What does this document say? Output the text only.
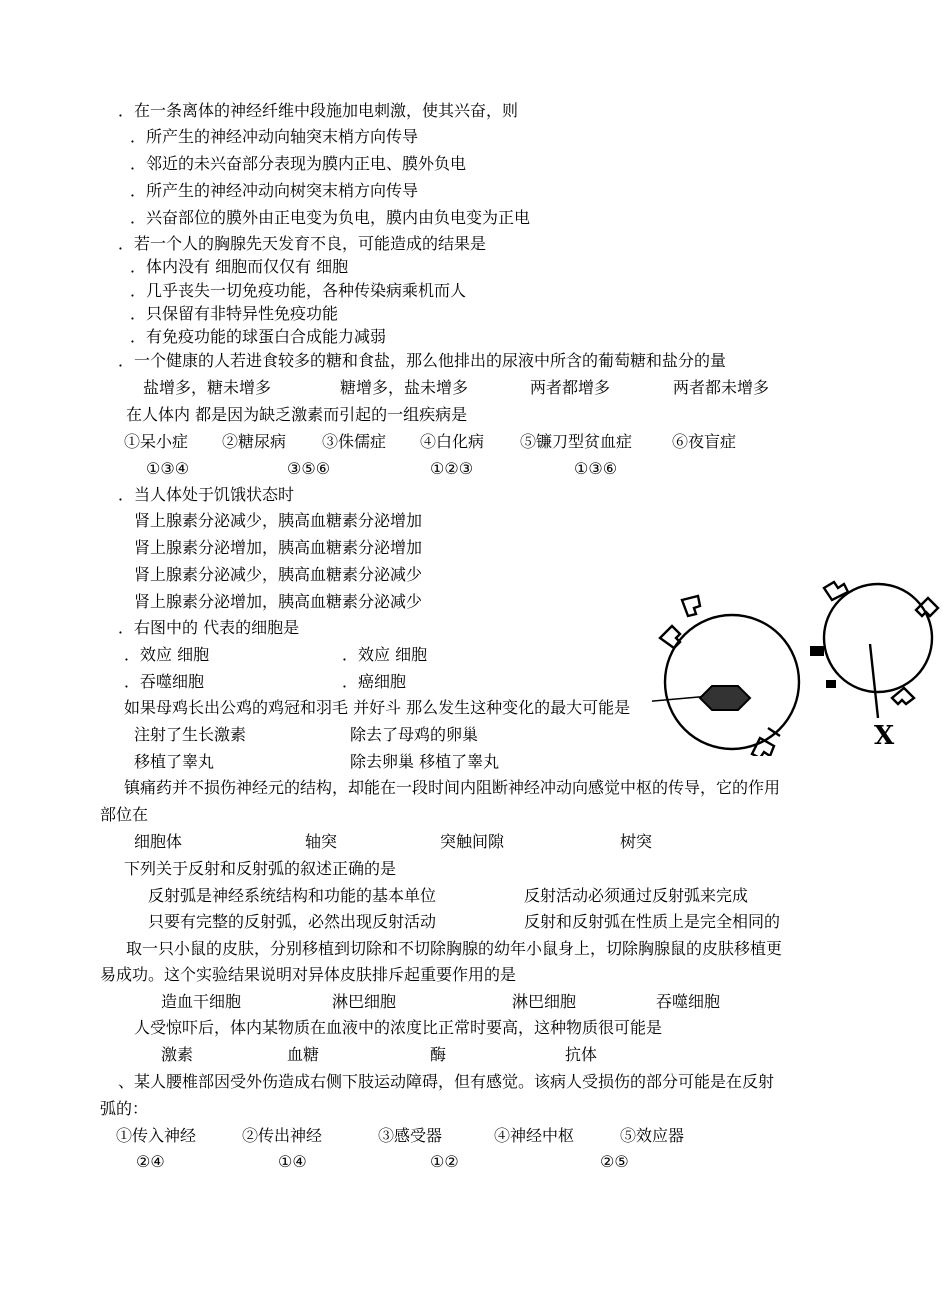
．在一条离体的神经纤维中段施加电刺激，使其兴奋，则
．所产生的神经冲动向轴突末梢方向传导
．邻近的未兴奋部分表现为膜内正电、膜外负电
．所产生的神经冲动向树突末梢方向传导
．兴奋部位的膜外由正电变为负电，膜内由负电变为正电
．若一个人的胸腺先天发育不良，可能造成的结果是
．体内没有 细胞而仅仅有 细胞
．几乎丧失一切免疫功能，各种传染病乘机而人
．只保留有非特异性免疫功能
．有免疫功能的球蛋白合成能力减弱
．一个健康的人若进食较多的糖和食盐，那么他排出的尿液中所含的葡萄糖和盐分的量
盐增多，糖未增多	糖增多，盐未增多	两者都增多	两者都未增多
在人体内 都是因为缺乏激素而引起的一组疾病是
①呆小症 ②糖尿病 ③侏儒症 ④白化病 ⑤镰刀型贫血症 ⑥夜盲症
①③④	③⑤⑥	①②③	①③⑥
．当人体处于饥饿状态时
肾上腺素分泌减少，胰高血糖素分泌增加
肾上腺素分泌增加，胰高血糖素分泌增加
肾上腺素分泌减少，胰高血糖素分泌减少
肾上腺素分泌增加，胰高血糖素分泌减少
．右图中的 代表的细胞是
．效应 细胞	．效应 细胞
．吞噬细胞	．癌细胞
如果母鸡长出公鸡的鸡冠和羽毛 并好斗 那么发生这种变化的最大可能是
注射了生长激素	除去了母鸡的卵巢
移植了睾丸	除去卵巢 移植了睾丸
镇痛药并不损伤神经元的结构，却能在一段时间内阻断神经冲动向感觉中枢的传导，它的作用
部位在
细胞体	轴突	突触间隙	树突
下列关于反射和反射弧的叙述正确的是
反射弧是神经系统结构和功能的基本单位	反射活动必须通过反射弧来完成
只要有完整的反射弧，必然出现反射活动	反射和反射弧在性质上是完全相同的
取一只小鼠的皮肤，分别移植到切除和不切除胸腺的幼年小鼠身上，切除胸腺鼠的皮肤移植更
易成功。这个实验结果说明对异体皮肤排斥起重要作用的是
造血干细胞	淋巴细胞	淋巴细胞	吞噬细胞
人受惊吓后，体内某物质在血液中的浓度比正常时要高，这种物质很可能是
激素	血糖	酶	抗体
、某人腰椎部因受外伤造成右侧下肢运动障碍，但有感觉。该病人受损伤的部分可能是在反射
弧的：
①传入神经	②传出神经	③感受器	④神经中枢	⑤效应器
②④	①④	①②	②⑤
X
